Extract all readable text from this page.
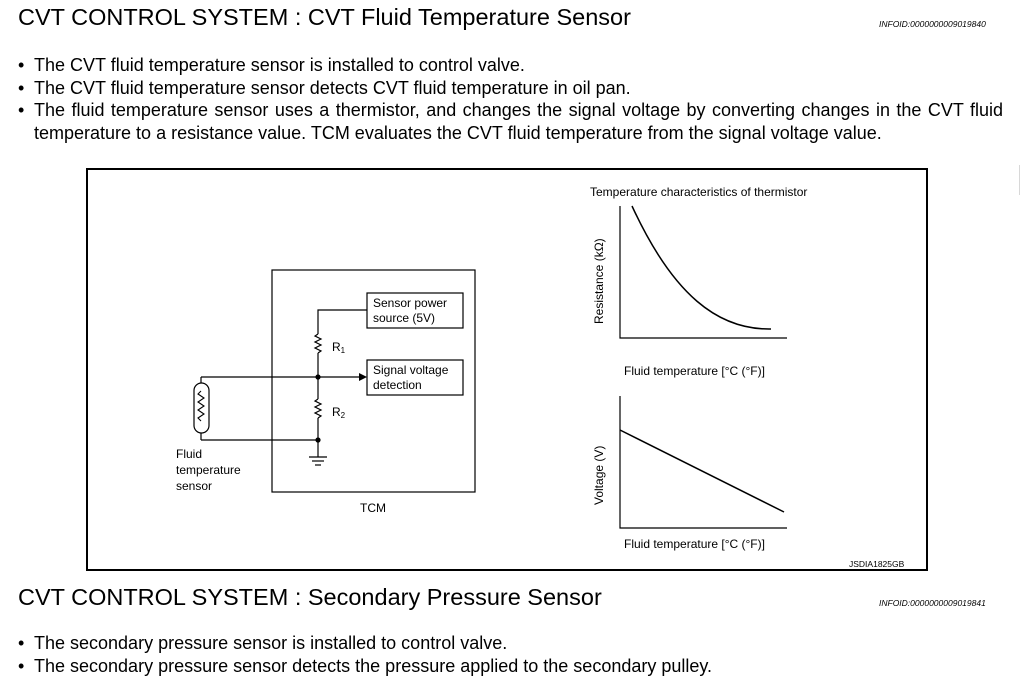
CVT CONTROL SYSTEM : CVT Fluid Temperature Sensor	INFOID:0000000009019840
• The CVT fluid temperature sensor is installed to control valve.
• The CVT fluid temperature sensor detects CVT fluid temperature in oil pan.
• The fluid temperature sensor uses a thermistor, and changes the signal voltage by converting changes in the CVT fluid temperature to a resistance value. TCM evaluates the CVT fluid temperature from the signal voltage value.
TCM
Sensor power
source (5V)
Signal voltage
detection
R1
R2
Fluid
temperature
sensor
Temperature characteristics of thermistor
Resistance (kΩ)
Fluid temperature [°C (°F)]
Voltage (V)
Fluid temperature [°C (°F)]
JSDIA1825GB
CVT CONTROL SYSTEM : Secondary Pressure Sensor	INFOID:0000000009019841
• The secondary pressure sensor is installed to control valve.
• The secondary pressure sensor detects the pressure applied to the secondary pulley.
